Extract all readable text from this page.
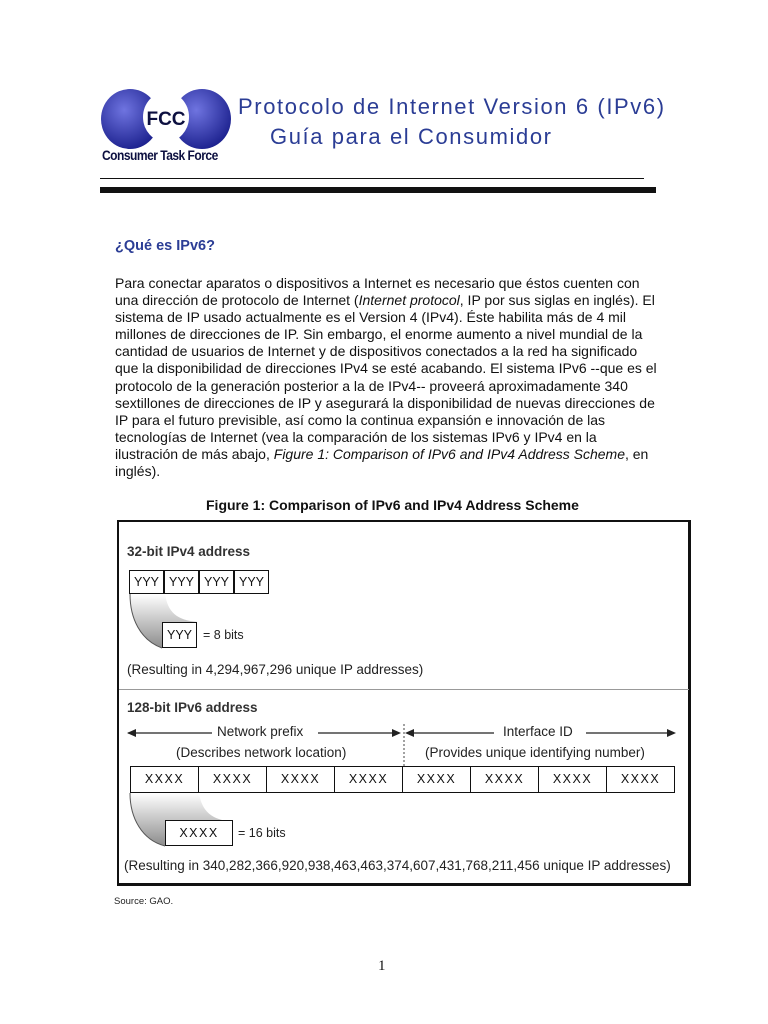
FCC
Consumer Task Force
Protocolo de Internet Version 6 (IPv6)
Guía para el Consumidor
¿Qué es IPv6?
Para conectar aparatos o dispositivos a Internet es necesario que éstos cuenten con una dirección de protocolo de Internet (Internet protocol, IP por sus siglas en inglés). El sistema de IP usado actualmente es el Version 4 (IPv4). Éste habilita más de 4 mil millones de direcciones de IP. Sin embargo, el enorme aumento a nivel mundial de la cantidad de usuarios de Internet y de dispositivos conectados a la red ha significado que la disponibilidad de direcciones IPv4 se esté acabando. El sistema IPv6 --que es el protocolo de la generación posterior a la de IPv4-- proveerá aproximadamente 340 sextillones de direcciones de IP y asegurará la disponibilidad de nuevas direcciones de IP para el futuro previsible, así como la continua expansión e innovación de las tecnologías de Internet (vea la comparación de los sistemas IPv6 y IPv4 en la ilustración de más abajo, Figure 1: Comparison of IPv6 and IPv4 Address Scheme, en inglés).
Figure 1: Comparison of IPv6 and IPv4 Address Scheme
32-bit IPv4 address
YYY YYY YYY YYY
YYY = 8 bits
(Resulting in 4,294,967,296 unique IP addresses)
128-bit IPv6 address
Network prefix
(Describes network location)
Interface ID
(Provides unique identifying number)
XXXX	XXXX	XXXX	XXXX	XXXX	XXXX	XXXX	XXXX
XXXX	= 16 bits
(Resulting in 340,282,366,920,938,463,463,374,607,431,768,211,456 unique IP addresses)
Source: GAO.
1
